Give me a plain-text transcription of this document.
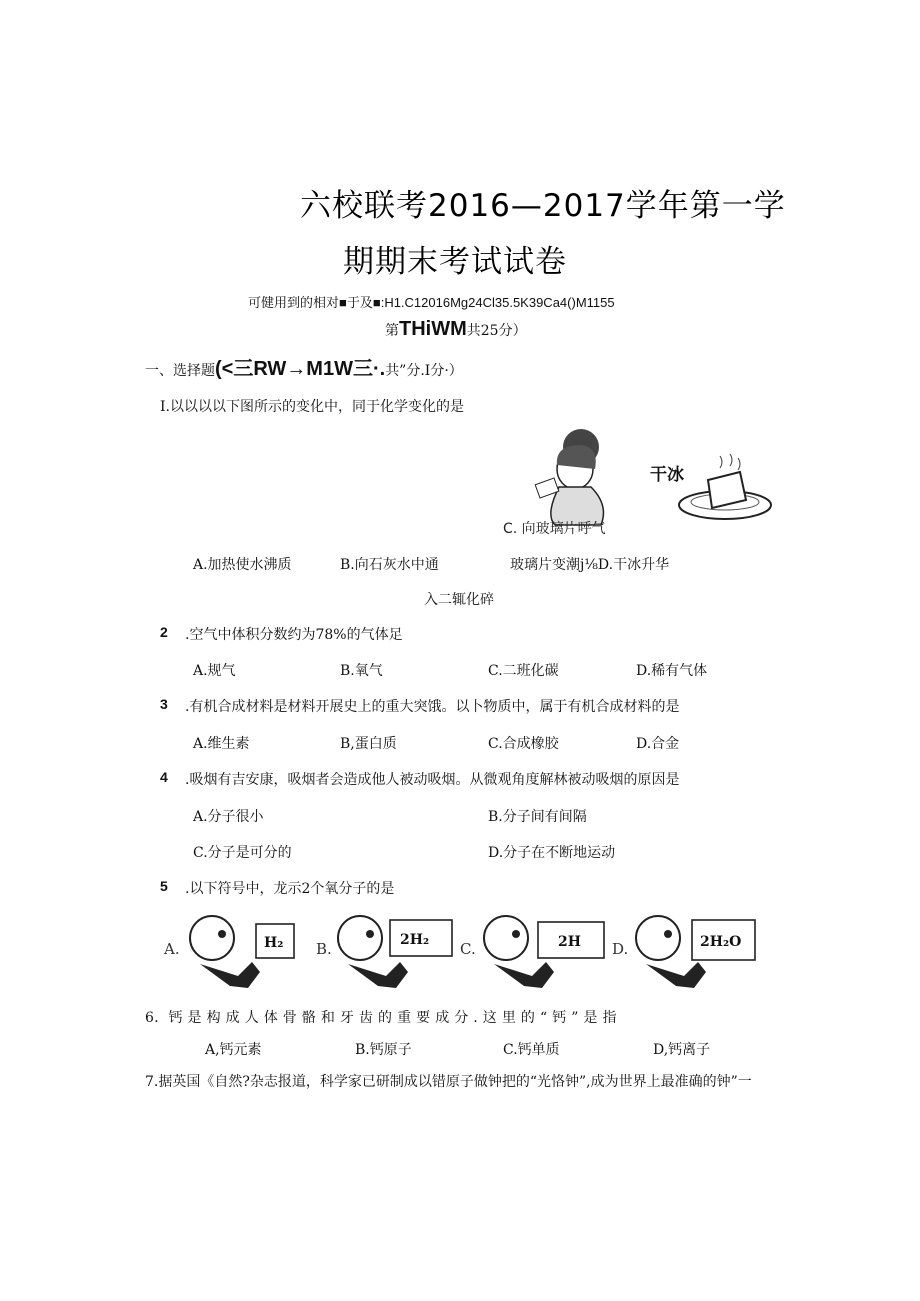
六校联考2016—2017学年第一学
期期末考试试卷
可健用到的相对■于及■:H1.C12016Mg24Cl35.5K39Ca4()M1155
第THiWM共25分）
一、选择题(<三RW→M1W三·.共”分.I分·）
I.以以以以下图所示的变化中，同于化学变化的是
C. 向玻璃片呼气
干冰
A.加热使水沸质	B.向石灰水中通	玻璃片变潮j⅛D.干冰升华
入二辄化碎
2 .空气中体积分数约为78%的气体足
A.规气	B.氧气	C.二班化碳	D.稀有气体
3 .有机合成材料是材料开展史上的重大突饿。以卜物质中，属于有机合成材料的是
A.维生素	B,蛋白质	C.合成橡胶	D.合金
4 .吸烟有吉安康，吸烟者会造成他人被动吸烟。从微观角度解林被动吸烟的原因是
A.分子很小	B.分子间有间隔
C.分子是可分的	D.分子在不断地运动
5 .以下符号中，龙示2个氧分子的是
A.	H₂ B.	2H₂ C.	2H D.	2H₂O
6．钙 是 构 成 人 体 骨 骼 和 牙 齿 的 重 要 成 分 . 这 里 的 “ 钙 ” 是 指
A,钙元素	B.钙原子	C.钙单质	D,钙离子
7.据英国《自然?杂志报道，科学家已研制成以错原子做钟把的“光恪钟”,成为世界上最准确的钟”一
